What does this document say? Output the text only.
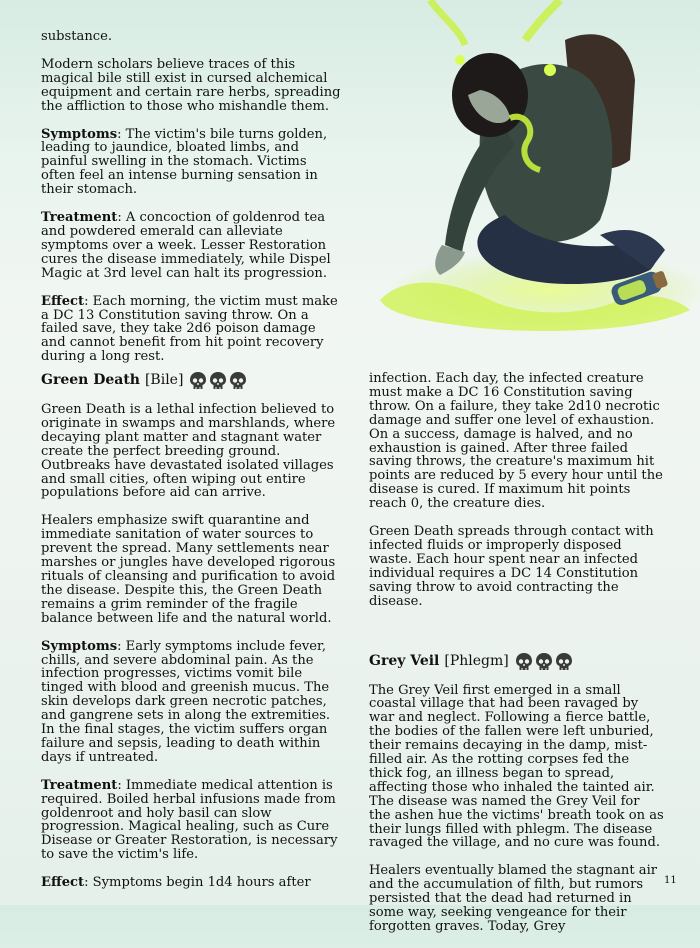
substance.

Modern scholars believe traces of this magical bile still exist in cursed alchemical equipment and certain rare herbs, spreading the affliction to those who mishandle them.

Symptoms: The victim's bile turns golden, leading to jaundice, bloated limbs, and painful swelling in the stomach. Victims often feel an intense burning sensation in their stomach.

Treatment: A concoction of goldenrod tea and powdered emerald can alleviate symptoms over a week. Lesser Restoration cures the disease immediately, while Dispel Magic at 3rd level can halt its progression.

Effect: Each morning, the victim must make a DC 13 Constitution saving throw. On a failed save, they take 2d6 poison damage and cannot benefit from hit point recovery during a long rest.

Green Death [Bile]

Green Death is a lethal infection believed to originate in swamps and marshlands, where decaying plant matter and stagnant water create the perfect breeding ground. Outbreaks have devastated isolated villages and small cities, often wiping out entire populations before aid can arrive.

Healers emphasize swift quarantine and immediate sanitation of water sources to prevent the spread. Many settlements near marshes or jungles have developed rigorous rituals of cleansing and purification to avoid the disease. Despite this, the Green Death remains a grim reminder of the fragile balance between life and the natural world.

Symptoms: Early symptoms include fever, chills, and severe abdominal pain. As the infection progresses, victims vomit bile tinged with blood and greenish mucus. The skin develops dark green necrotic patches, and gangrene sets in along the extremities. In the final stages, the victim suffers organ failure and sepsis, leading to death within days if untreated.

Treatment: Immediate medical attention is required. Boiled herbal infusions made from goldenroot and holy basil can slow progression. Magical healing, such as Cure Disease or Greater Restoration, is necessary to save the victim's life.

Effect: Symptoms begin 1d4 hours after

infection. Each day, the infected creature must make a DC 16 Constitution saving throw. On a failure, they take 2d10 necrotic damage and suffer one level of exhaustion. On a success, damage is halved, and no exhaustion is gained. After three failed saving throws, the creature's maximum hit points are reduced by 5 every hour until the disease is cured. If maximum hit points reach 0, the creature dies.

Green Death spreads through contact with infected fluids or improperly disposed waste. Each hour spent near an infected individual requires a DC 14 Constitution saving throw to avoid contracting the disease.

Grey Veil [Phlegm]

The Grey Veil first emerged in a small coastal village that had been ravaged by war and neglect. Following a fierce battle, the bodies of the fallen were left unburied, their remains decaying in the damp, mist-filled air. As the rotting corpses fed the thick fog, an illness began to spread, affecting those who inhaled the tainted air. The disease was named the Grey Veil for the ashen hue the victims' breath took on as their lungs filled with phlegm. The disease ravaged the village, and no cure was found.

Healers eventually blamed the stagnant air and the accumulation of filth, but rumors persisted that the dead had returned in some way, seeking vengeance for their forgotten graves. Today, Grey

11
